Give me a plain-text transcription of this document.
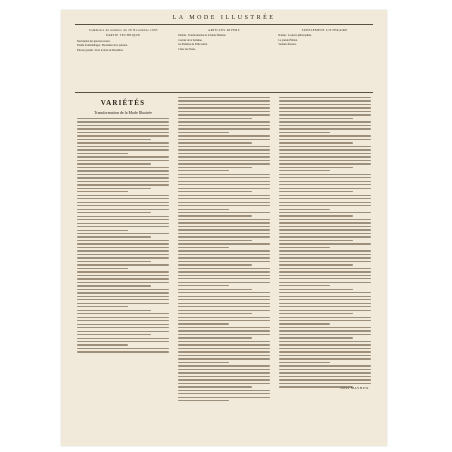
LA MODE ILLUSTRÉE
Sommaire du numéro du 26 Novembre 1905
PARTIE TECHNIQUE
Description des gravures noires.
Feuille d'enfantillages : Placement de la pension.
Patrons gratuits : Pour le mois de Décembre.
ARTICLES DIVERS
Variétés : Transformation de la Mode Illustrée.
Courrier de la Semaine.
Les Femmes du XIXe siècle.
L'Aire des Notes.
SUPPLÉMENT LITTÉRAIRE
Roman : La pierre philosophale.
La grande Édition.
Variétés diverses.
VARIÉTÉS
Transformation de la Mode Illustrée
Jules MAYHEW
